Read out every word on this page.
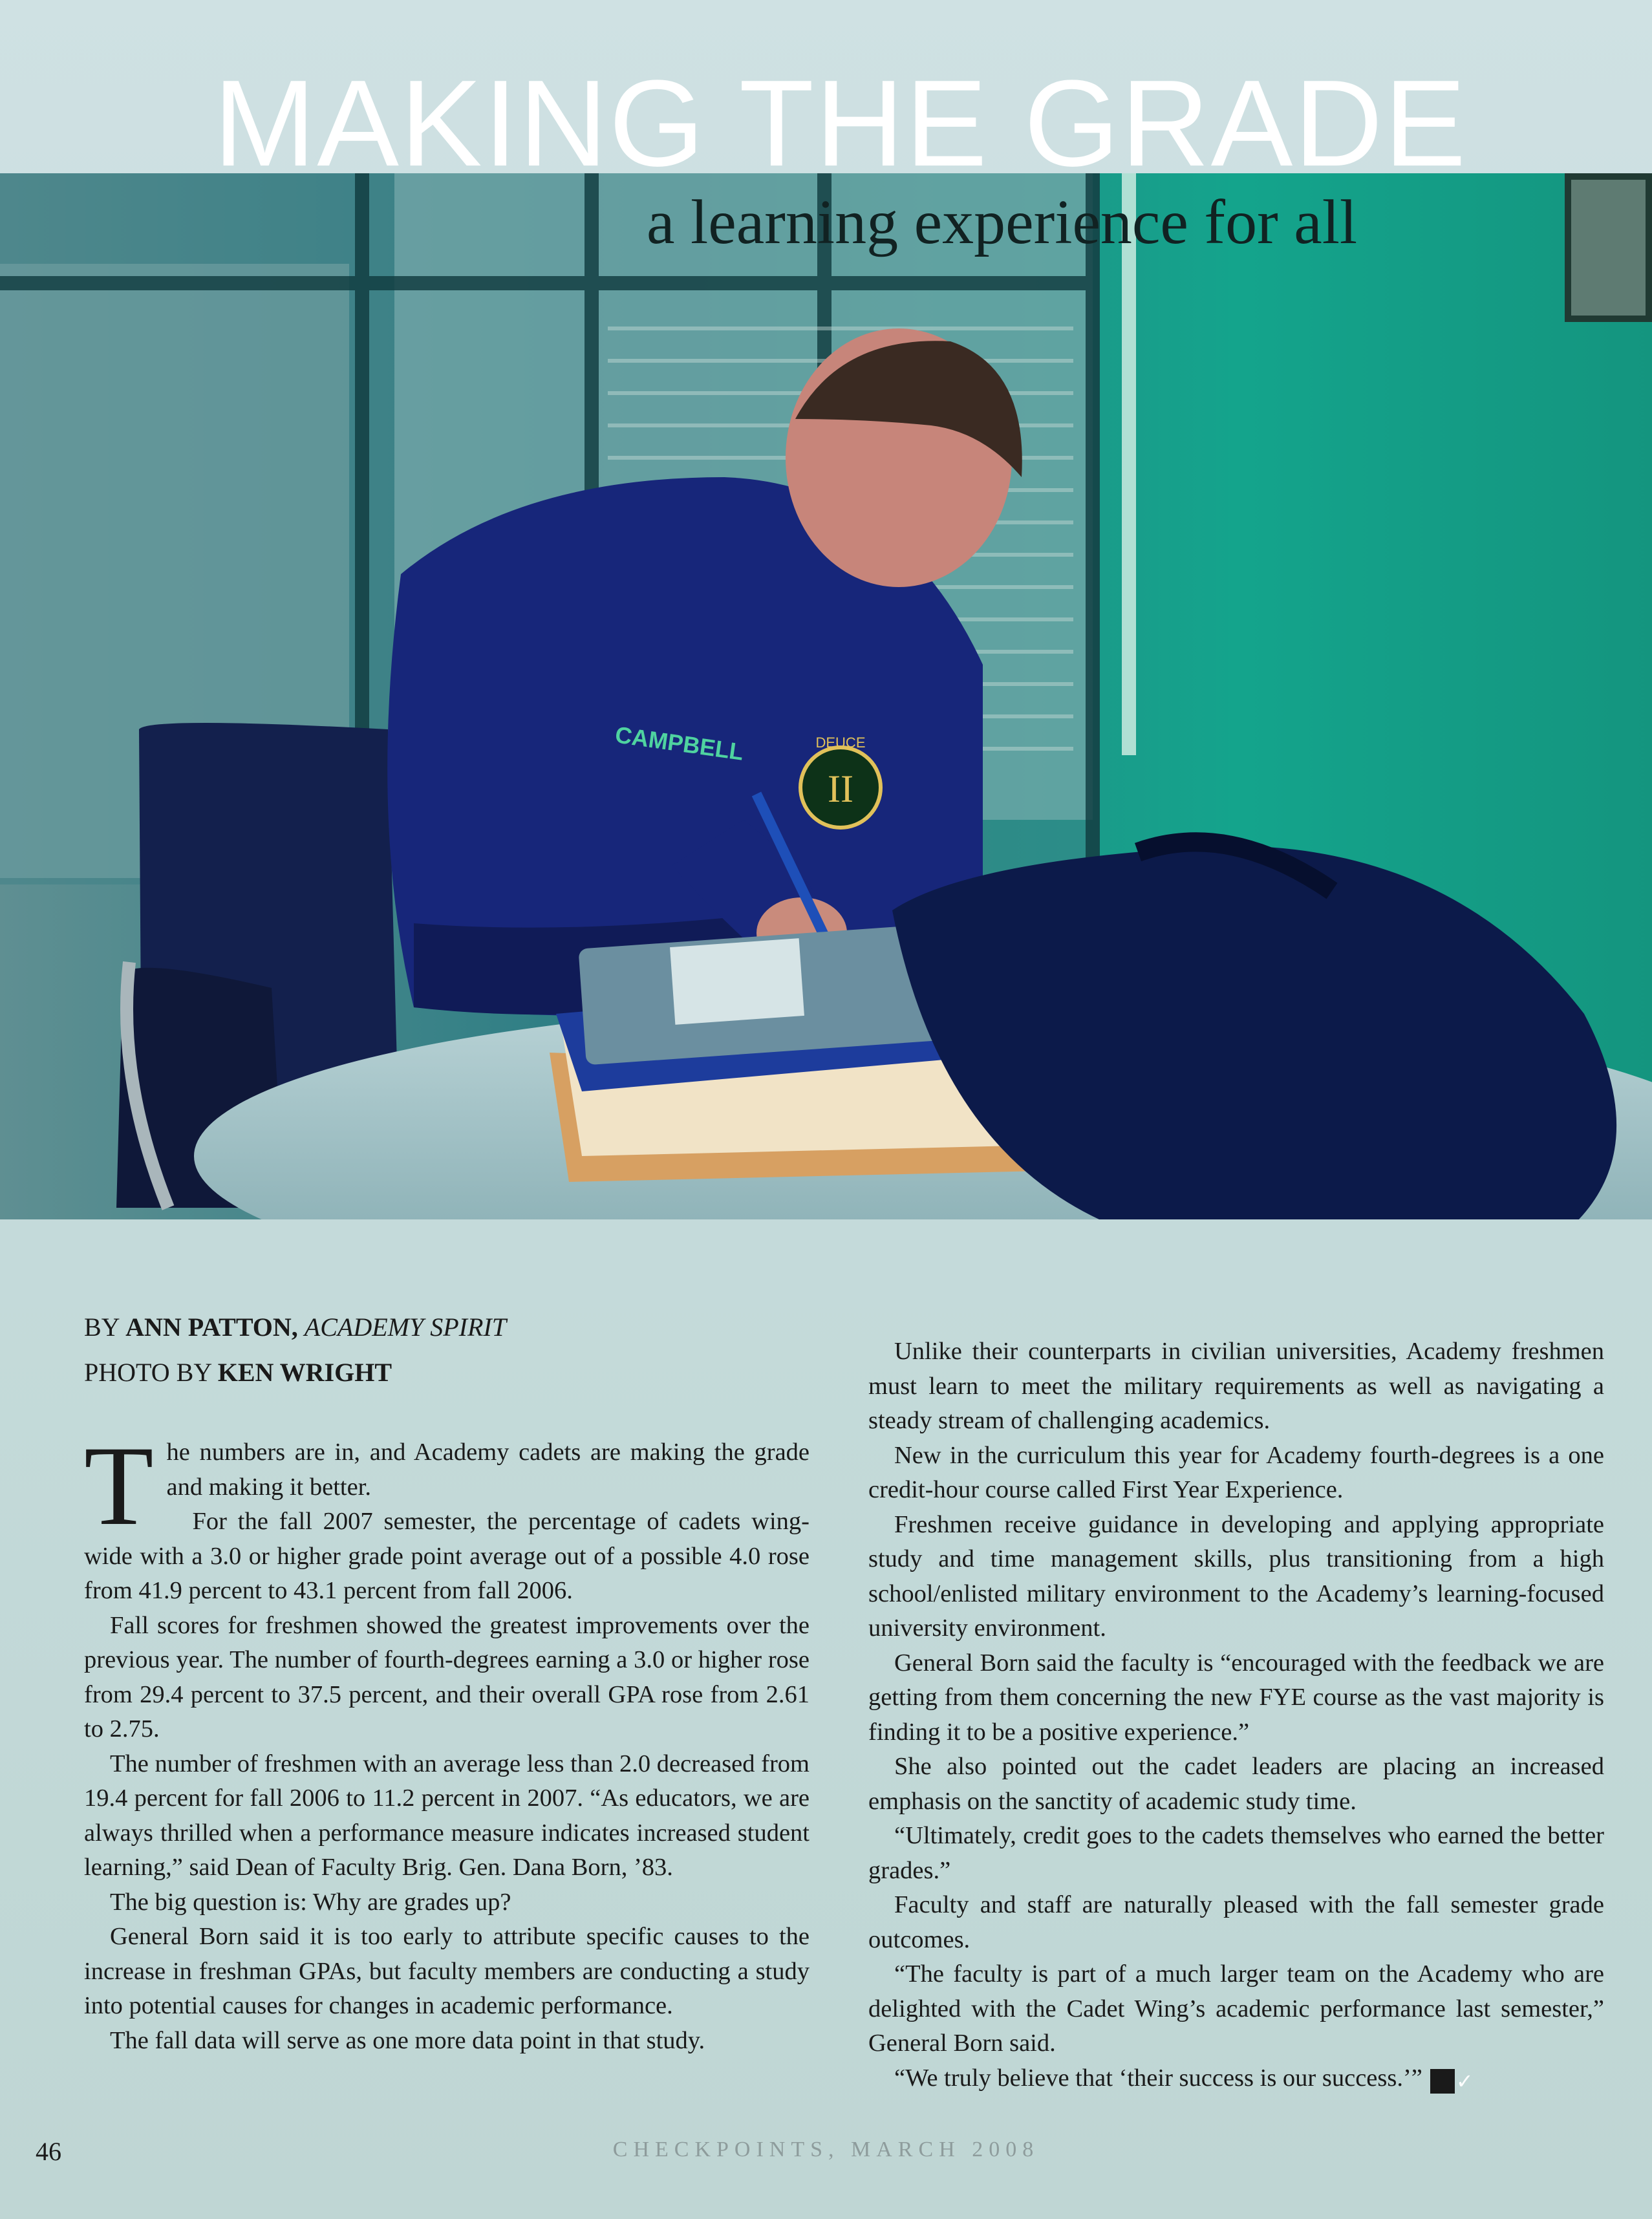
II
DEUCE
CAMPBELL
MAKING THE GRADE
a learning experience for all
BY ANN PATTON, ACADEMY SPIRIT
PHOTO BY KEN WRIGHT

The numbers are in, and Academy cadets are making the grade and making it better.

For the fall 2007 semester, the percentage of cadets wing-wide with a 3.0 or higher grade point average out of a possible 4.0 rose from 41.9 percent to 43.1 percent from fall 2006.

Fall scores for freshmen showed the greatest improvements over the previous year. The number of fourth-degrees earning a 3.0 or higher rose from 29.4 percent to 37.5 percent, and their overall GPA rose from 2.61 to 2.75.

The number of freshmen with an average less than 2.0 decreased from 19.4 percent for fall 2006 to 11.2 percent in 2007. “As educators, we are always thrilled when a performance measure indicates increased student learning,” said Dean of Faculty Brig. Gen. Dana Born, ’83.

The big question is: Why are grades up?

General Born said it is too early to attribute specific causes to the increase in freshman GPAs, but faculty members are conducting a study into potential causes for changes in academic performance.

The fall data will serve as one more data point in that study.

Unlike their counterparts in civilian universities, Academy freshmen must learn to meet the military requirements as well as navigating a steady stream of challenging academics.

New in the curriculum this year for Academy fourth-degrees is a one credit-hour course called First Year Experience.

Freshmen receive guidance in developing and applying appropriate study and time management skills, plus transitioning from a high school/enlisted military environment to the Academy’s learning-focused university environment.

General Born said the faculty is “encouraged with the feedback we are getting from them concerning the new FYE course as the vast majority is finding it to be a positive experience.”

She also pointed out the cadet leaders are placing an increased emphasis on the sanctity of academic study time.

“Ultimately, credit goes to the cadets themselves who earned the better grades.”

Faculty and staff are naturally pleased with the fall semester grade outcomes.

“The faculty is part of a much larger team on the Academy who are delighted with the Cadet Wing’s academic performance last semester,” General Born said.

“We truly believe that ‘their success is our success.’” ✓

46	CHECKPOINTS, MARCH 2008
